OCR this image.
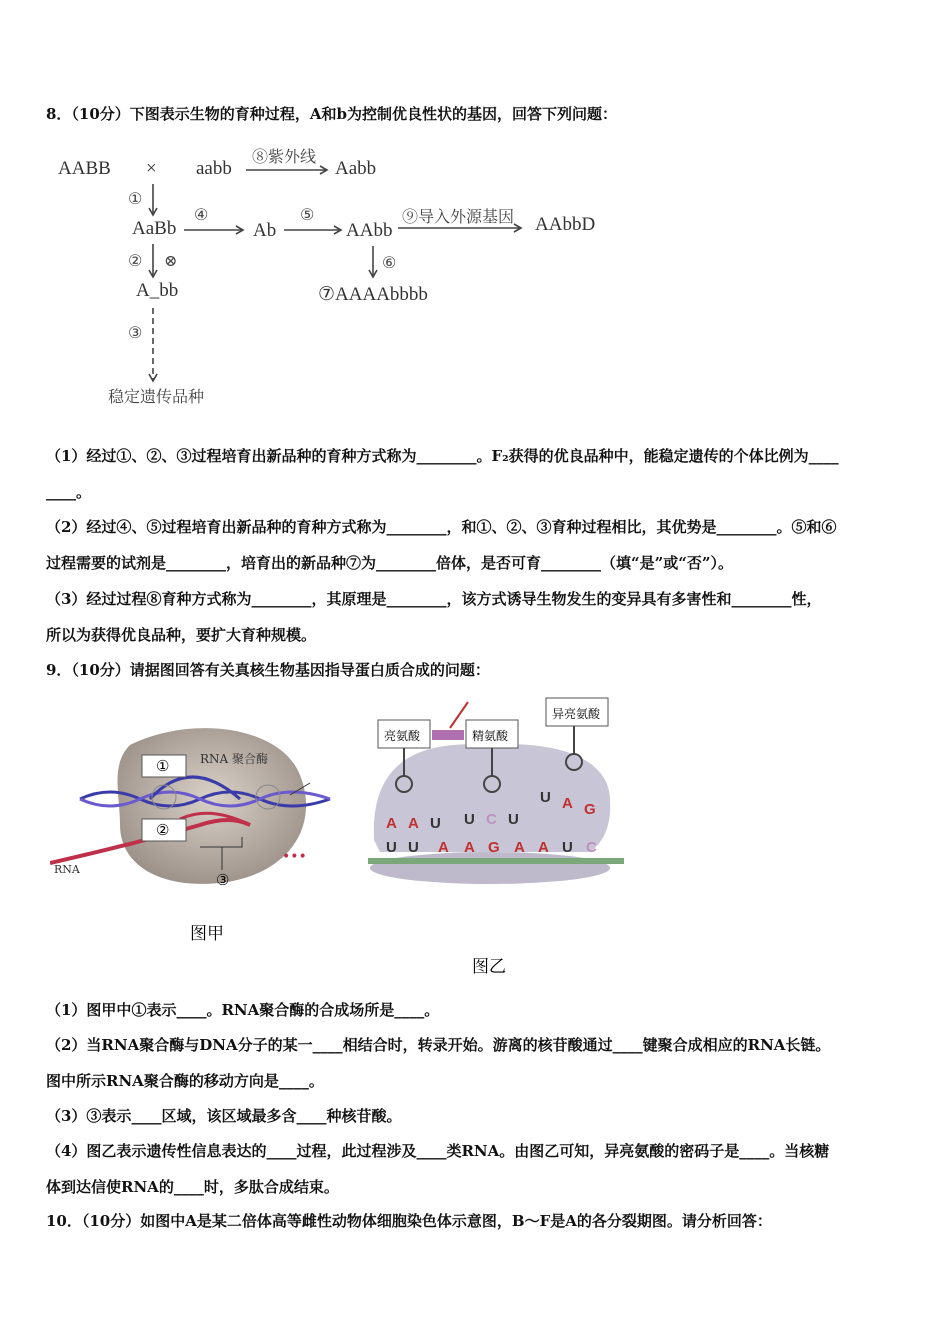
8．（10分）下图表示生物的育种过程，A和b为控制优良性状的基因，回答下列问题：
AABB × aabb	Aabb
AaBb	Ab	AAbb	AAbbD
A_bb	⑦AAAAbbbb
⑧紫外线
①
④	⑤	⑨导入外源基因
② ⊗	⑥
③
稳定遗传品种
（1）经过①、②、③过程培育出新品种的育种方式称为________。F₂获得的优良品种中，能稳定遗传的个体比例为____
____。
（2）经过④、⑤过程培育出新品种的育种方式称为________，和①、②、③育种过程相比，其优势是________。⑤和⑥
过程需要的试剂是________，培育出的新品种⑦为________倍体，是否可育________（填“是”或“否”）。
（3）经过过程⑧育种方式称为________，其原理是________，该方式诱导生物发生的变异具有多害性和________性，
所以为获得优良品种，要扩大育种规模。
9．（10分）请据图回答有关真核生物基因指导蛋白质合成的问题：
①
②
③
RNA 聚合酶
RNA
•••
图甲
亮氨酸	精氨酸
异亮氨酸
A A U U C U
U A G
U U A A G A A U C
图乙
（1）图甲中①表示____。RNA聚合酶的合成场所是____。
（2）当RNA聚合酶与DNA分子的某一____相结合时，转录开始。游离的核苷酸通过____键聚合成相应的RNA长链。
图中所示RNA聚合酶的移动方向是____。
（3）③表示____区域，该区域最多含____种核苷酸。
（4）图乙表示遗传性信息表达的____过程，此过程涉及____类RNA。由图乙可知，异亮氨酸的密码子是____。当核糖
体到达信使RNA的____时，多肽合成结束。
10．（10分）如图中A是某二倍体高等雌性动物体细胞染色体示意图，B～F是A的各分裂期图。请分析回答：
